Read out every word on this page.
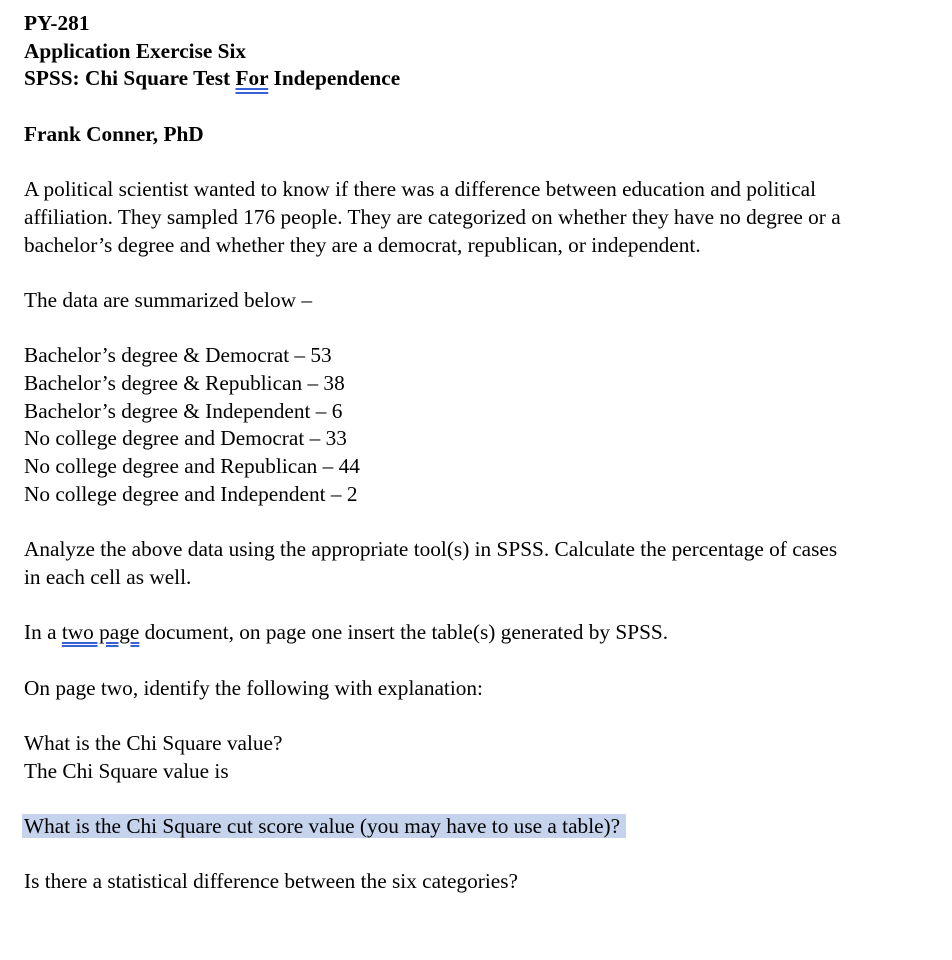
PY-281
Application Exercise Six
SPSS: Chi Square Test For Independence
Frank Conner, PhD
A political scientist wanted to know if there was a difference between education and political
affiliation. They sampled 176 people. They are categorized on whether they have no degree or a
bachelor’s degree and whether they are a democrat, republican, or independent.
The data are summarized below –
Bachelor’s degree & Democrat – 53
Bachelor’s degree & Republican – 38
Bachelor’s degree & Independent – 6
No college degree and Democrat – 33
No college degree and Republican – 44
No college degree and Independent – 2
Analyze the above data using the appropriate tool(s) in SPSS. Calculate the percentage of cases
in each cell as well.
In a two page document, on page one insert the table(s) generated by SPSS.
On page two, identify the following with explanation:
What is the Chi Square value?
The Chi Square value is
What is the Chi Square cut score value (you may have to use a table)?
Is there a statistical difference between the six categories?
